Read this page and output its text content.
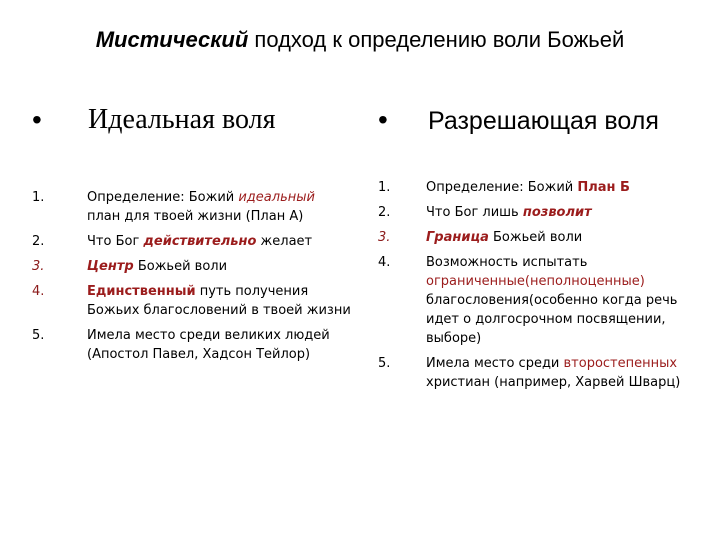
Мистический подход к определению воли Божьей
• Идеальная воля
1.	Определение: Божий идеальный план для твоей жизни (План А)
2.	Что Бог действительно желает
3.	Центр Божьей воли
4.	Единственный путь получения Божьих благословений в твоей жизни
5.	Имела место среди великих людей (Апостол Павел, Хадсон Тейлор)
• Разрешающая воля
1.	Определение: Божий План Б
2.	Что Бог лишь позволит
3.	Граница Божьей воли
4.	Возможность испытать ограниченные(неполноценные) благословения(особенно когда речь идет о долгосрочном посвящении, выборе)
5.	Имела место среди второстепенных христиан (например, Харвей Шварц)
